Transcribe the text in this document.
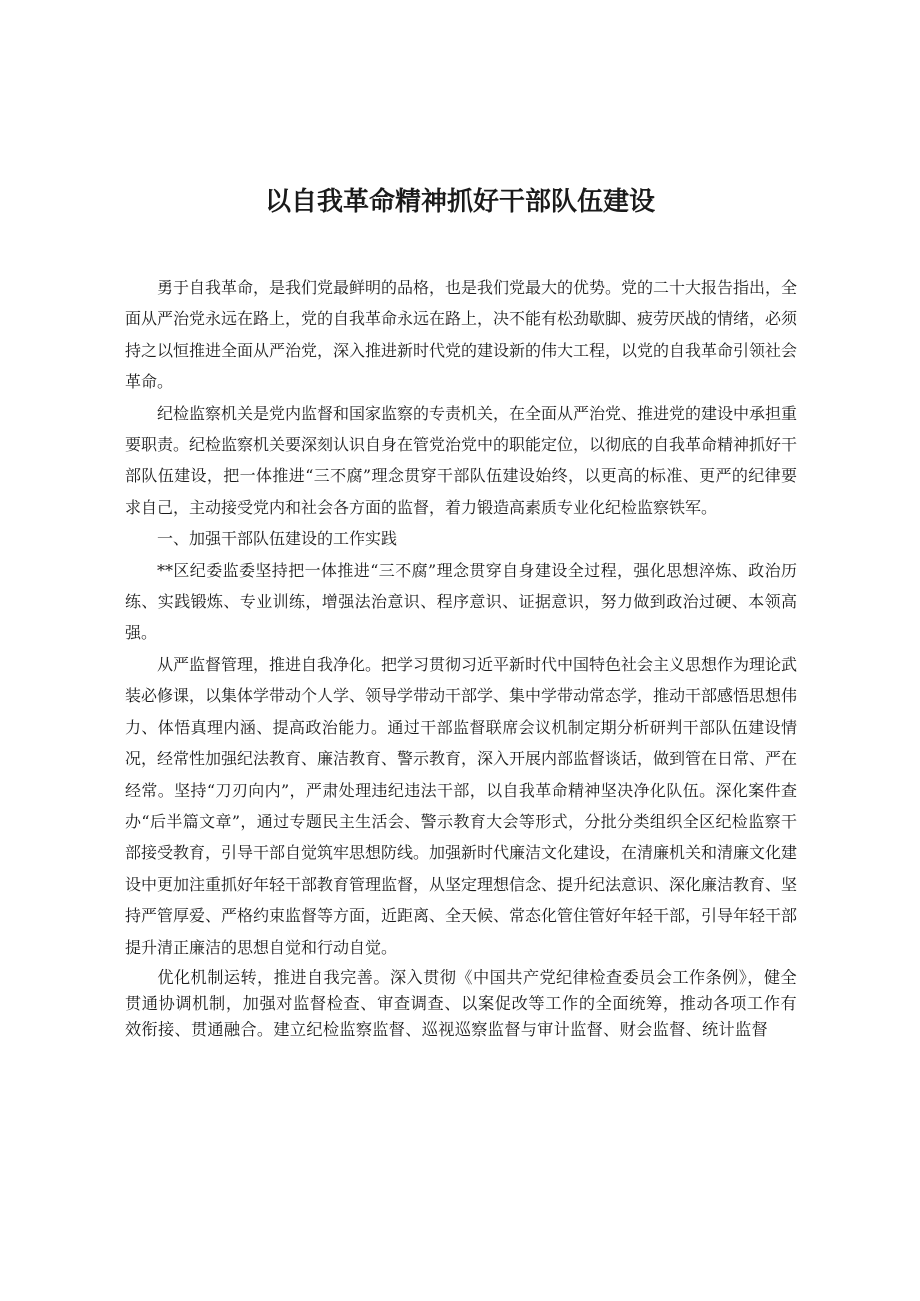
以自我革命精神抓好干部队伍建设

勇于自我革命，是我们党最鲜明的品格，也是我们党最大的优势。党的二十大报告指出，全面从严治党永远在路上，党的自我革命永远在路上，决不能有松劲歇脚、疲劳厌战的情绪，必须持之以恒推进全面从严治党，深入推进新时代党的建设新的伟大工程，以党的自我革命引领社会革命。

纪检监察机关是党内监督和国家监察的专责机关，在全面从严治党、推进党的建设中承担重要职责。纪检监察机关要深刻认识自身在管党治党中的职能定位，以彻底的自我革命精神抓好干部队伍建设，把一体推进“三不腐”理念贯穿干部队伍建设始终，以更高的标准、更严的纪律要求自己，主动接受党内和社会各方面的监督，着力锻造高素质专业化纪检监察铁军。

一、加强干部队伍建设的工作实践

**区纪委监委坚持把一体推进“三不腐”理念贯穿自身建设全过程，强化思想淬炼、政治历练、实践锻炼、专业训练，增强法治意识、程序意识、证据意识，努力做到政治过硬、本领高强。

从严监督管理，推进自我净化。把学习贯彻习近平新时代中国特色社会主义思想作为理论武装必修课，以集体学带动个人学、领导学带动干部学、集中学带动常态学，推动干部感悟思想伟力、体悟真理内涵、提高政治能力。通过干部监督联席会议机制定期分析研判干部队伍建设情况，经常性加强纪法教育、廉洁教育、警示教育，深入开展内部监督谈话，做到管在日常、严在经常。坚持“刀刃向内”，严肃处理违纪违法干部，以自我革命精神坚决净化队伍。深化案件查办“后半篇文章”，通过专题民主生活会、警示教育大会等形式，分批分类组织全区纪检监察干部接受教育，引导干部自觉筑牢思想防线。加强新时代廉洁文化建设，在清廉机关和清廉文化建设中更加注重抓好年轻干部教育管理监督，从坚定理想信念、提升纪法意识、深化廉洁教育、坚持严管厚爱、严格约束监督等方面，近距离、全天候、常态化管住管好年轻干部，引导年轻干部提升清正廉洁的思想自觉和行动自觉。

优化机制运转，推进自我完善。深入贯彻《中国共产党纪律检查委员会工作条例》，健全贯通协调机制，加强对监督检查、审查调查、以案促改等工作的全面统筹，推动各项工作有效衔接、贯通融合。建立纪检监察监督、巡视巡察监督与审计监督、财会监督、统计监督
